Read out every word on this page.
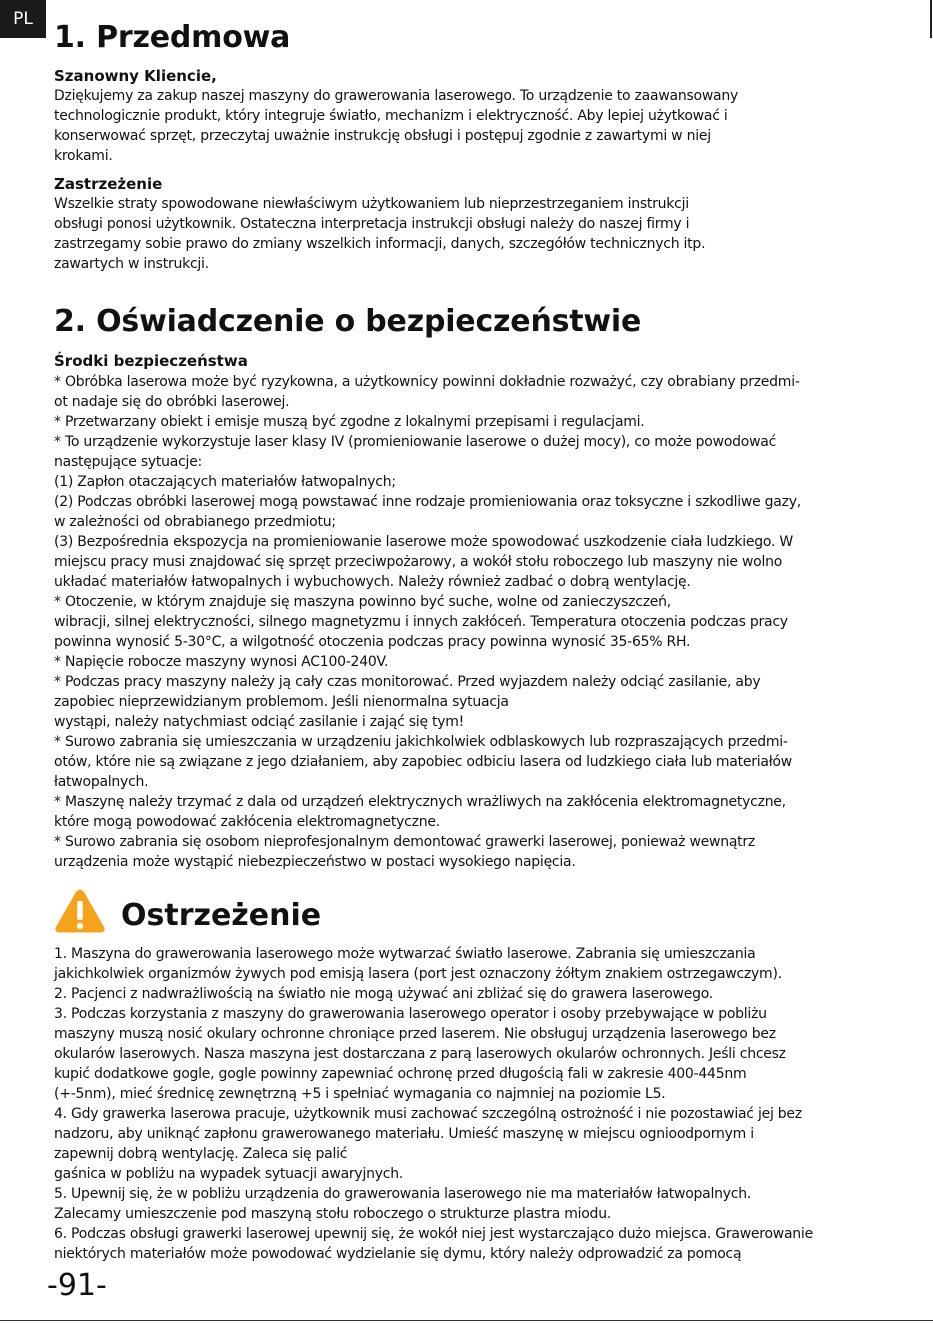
PL
1. Przedmowa
Szanowny Kliencie,
Dziękujemy za zakup naszej maszyny do grawerowania laserowego. To urządzenie to zaawansowany
technologicznie produkt, który integruje światło, mechanizm i elektryczność. Aby lepiej użytkować i
konserwować sprzęt, przeczytaj uważnie instrukcję obsługi i postępuj zgodnie z zawartymi w niej
krokami.
Zastrzeżenie
Wszelkie straty spowodowane niewłaściwym użytkowaniem lub nieprzestrzeganiem instrukcji
obsługi ponosi użytkownik. Ostateczna interpretacja instrukcji obsługi należy do naszej firmy i
zastrzegamy sobie prawo do zmiany wszelkich informacji, danych, szczegółów technicznych itp.
zawartych w instrukcji.
2. Oświadczenie o bezpieczeństwie
Środki bezpieczeństwa
* Obróbka laserowa może być ryzykowna, a użytkownicy powinni dokładnie rozważyć, czy obrabiany przedmi-
ot nadaje się do obróbki laserowej.
* Przetwarzany obiekt i emisje muszą być zgodne z lokalnymi przepisami i regulacjami.
* To urządzenie wykorzystuje laser klasy IV (promieniowanie laserowe o dużej mocy), co może powodować
następujące sytuacje:
(1) Zapłon otaczających materiałów łatwopalnych;
(2) Podczas obróbki laserowej mogą powstawać inne rodzaje promieniowania oraz toksyczne i szkodliwe gazy,
w zależności od obrabianego przedmiotu;
(3) Bezpośrednia ekspozycja na promieniowanie laserowe może spowodować uszkodzenie ciała ludzkiego. W
miejscu pracy musi znajdować się sprzęt przeciwpożarowy, a wokół stołu roboczego lub maszyny nie wolno
układać materiałów łatwopalnych i wybuchowych. Należy również zadbać o dobrą wentylację.
* Otoczenie, w którym znajduje się maszyna powinno być suche, wolne od zanieczyszczeń,
wibracji, silnej elektryczności, silnego magnetyzmu i innych zakłóceń. Temperatura otoczenia podczas pracy
powinna wynosić 5-30°C, a wilgotność otoczenia podczas pracy powinna wynosić 35-65% RH.
* Napięcie robocze maszyny wynosi AC100-240V.
* Podczas pracy maszyny należy ją cały czas monitorować. Przed wyjazdem należy odciąć zasilanie, aby
zapobiec nieprzewidzianym problemom. Jeśli nienormalna sytuacja
wystąpi, należy natychmiast odciąć zasilanie i zająć się tym!
* Surowo zabrania się umieszczania w urządzeniu jakichkolwiek odblaskowych lub rozpraszających przedmi-
otów, które nie są związane z jego działaniem, aby zapobiec odbiciu lasera od ludzkiego ciała lub materiałów
łatwopalnych.
* Maszynę należy trzymać z dala od urządzeń elektrycznych wrażliwych na zakłócenia elektromagnetyczne,
które mogą powodować zakłócenia elektromagnetyczne.
* Surowo zabrania się osobom nieprofesjonalnym demontować grawerki laserowej, ponieważ wewnątrz
urządzenia może wystąpić niebezpieczeństwo w postaci wysokiego napięcia.
1. Maszyna do grawerowania laserowego może wytwarzać światło laserowe. Zabrania się umieszczania
jakichkolwiek organizmów żywych pod emisją lasera (port jest oznaczony żółtym znakiem ostrzegawczym).
2. Pacjenci z nadwrażliwością na światło nie mogą używać ani zbliżać się do grawera laserowego.
3. Podczas korzystania z maszyny do grawerowania laserowego operator i osoby przebywające w pobliżu
maszyny muszą nosić okulary ochronne chroniące przed laserem. Nie obsługuj urządzenia laserowego bez
okularów laserowych. Nasza maszyna jest dostarczana z parą laserowych okularów ochronnych. Jeśli chcesz
kupić dodatkowe gogle, gogle powinny zapewniać ochronę przed długością fali w zakresie 400-445nm
(+-5nm), mieć średnicę zewnętrzną +5 i spełniać wymagania co najmniej na poziomie L5.
4. Gdy grawerka laserowa pracuje, użytkownik musi zachować szczególną ostrożność i nie pozostawiać jej bez
nadzoru, aby uniknąć zapłonu grawerowanego materiału. Umieść maszynę w miejscu ognioodpornym i
zapewnij dobrą wentylację. Zaleca się palić
gaśnica w pobliżu na wypadek sytuacji awaryjnych.
5. Upewnij się, że w pobliżu urządzenia do grawerowania laserowego nie ma materiałów łatwopalnych.
Zalecamy umieszczenie pod maszyną stołu roboczego o strukturze plastra miodu.
6. Podczas obsługi grawerki laserowej upewnij się, że wokół niej jest wystarczająco dużo miejsca. Grawerowanie
niektórych materiałów może powodować wydzielanie się dymu, który należy odprowadzić za pomocą
Ostrzeżenie
-91-
